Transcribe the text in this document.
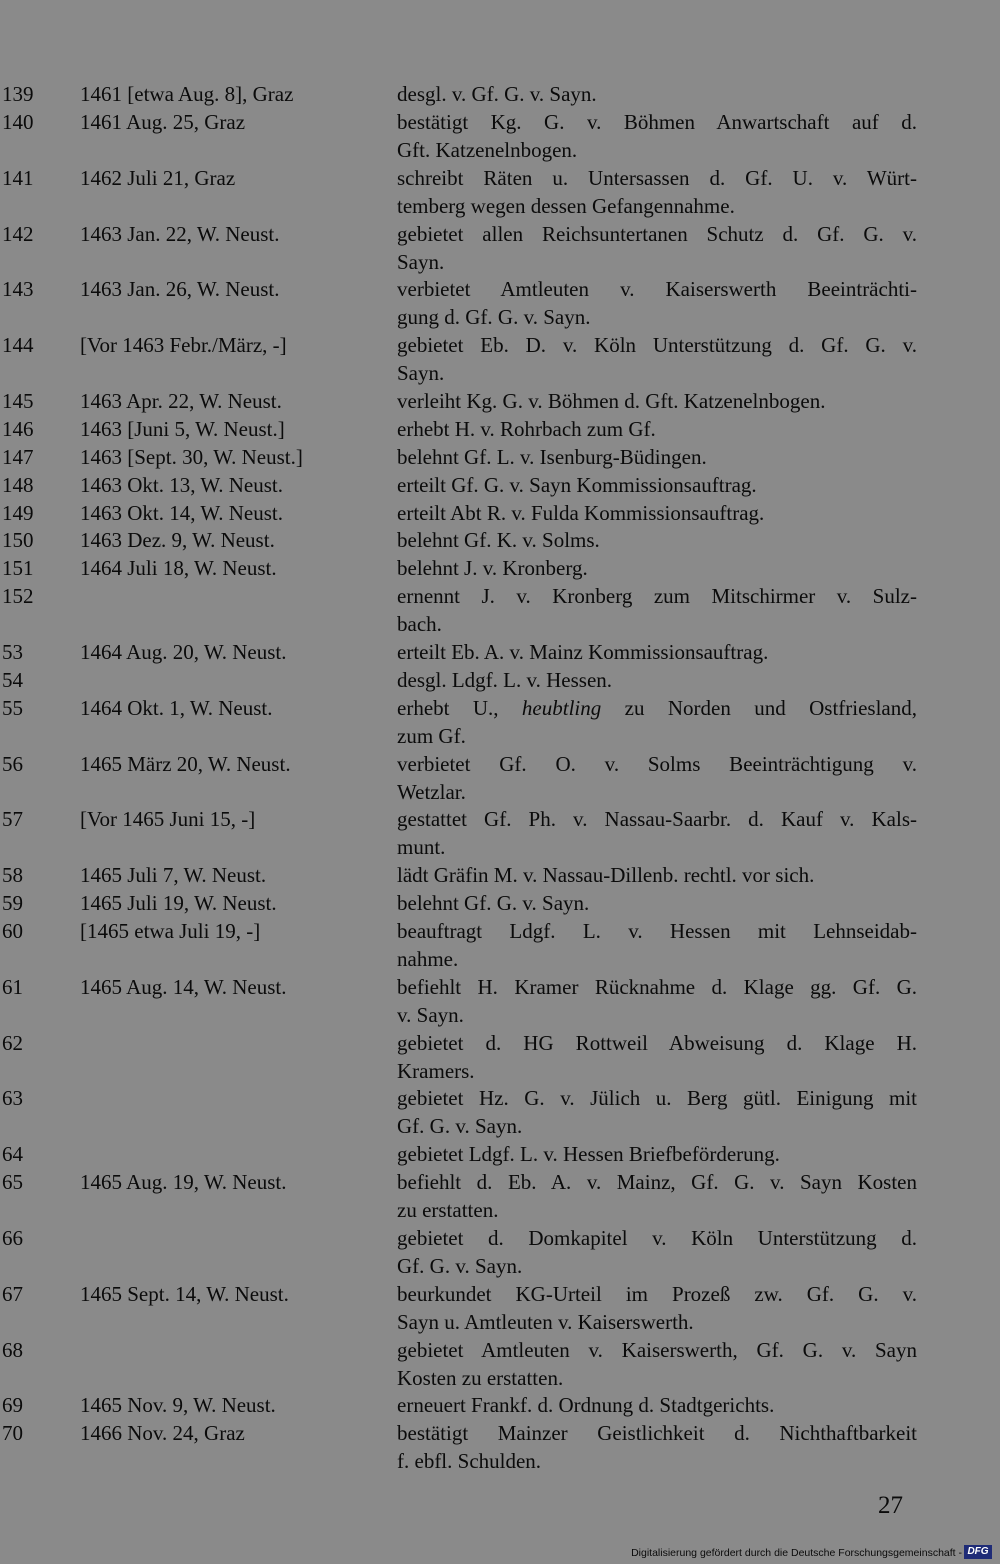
139 1461 [etwa Aug. 8], Graz	desgl. v. Gf. G. v. Sayn.
140 1461 Aug. 25, Graz	bestätigt Kg. G. v. Böhmen Anwartschaft auf d.
Gft. Katzenelnbogen.
141 1462 Juli 21, Graz	schreibt Räten u. Untersassen d. Gf. U. v. Würt-
temberg wegen dessen Gefangennahme.
142 1463 Jan. 22, W. Neust.	gebietet allen Reichsuntertanen Schutz d. Gf. G. v.
Sayn.
143 1463 Jan. 26, W. Neust.	verbietet Amtleuten v. Kaiserswerth Beeinträchti-
gung d. Gf. G. v. Sayn.
144 [Vor 1463 Febr./März, -]	gebietet Eb. D. v. Köln Unterstützung d. Gf. G. v.
Sayn.
145 1463 Apr. 22, W. Neust.	verleiht Kg. G. v. Böhmen d. Gft. Katzenelnbogen.
146 1463 [Juni 5, W. Neust.]	erhebt H. v. Rohrbach zum Gf.
147 1463 [Sept. 30, W. Neust.]	belehnt Gf. L. v. Isenburg-Büdingen.
148 1463 Okt. 13, W. Neust.	erteilt Gf. G. v. Sayn Kommissionsauftrag.
149 1463 Okt. 14, W. Neust.	erteilt Abt R. v. Fulda Kommissionsauftrag.
150 1463 Dez. 9, W. Neust.	belehnt Gf. K. v. Solms.
151 1464 Juli 18, W. Neust.	belehnt J. v. Kronberg.
152	ernennt J. v. Kronberg zum Mitschirmer v. Sulz-
bach.
53	1464 Aug. 20, W. Neust.	erteilt Eb. A. v. Mainz Kommissionsauftrag.
54	desgl. Ldgf. L. v. Hessen.
55	1464 Okt. 1, W. Neust.	erhebt U., heubtling zu Norden und Ostfriesland,
zum Gf.
56	1465 März 20, W. Neust.	verbietet Gf. O. v. Solms Beeinträchtigung v.
Wetzlar.
57	[Vor 1465 Juni 15, -]	gestattet Gf. Ph. v. Nassau-Saarbr. d. Kauf v. Kals-
munt.
58	1465 Juli 7, W. Neust.	lädt Gräfin M. v. Nassau-Dillenb. rechtl. vor sich.
59	1465 Juli 19, W. Neust.	belehnt Gf. G. v. Sayn.
60	[1465 etwa Juli 19, -]	beauftragt Ldgf. L. v. Hessen mit Lehnseidab-
nahme.
61	1465 Aug. 14, W. Neust.	befiehlt H. Kramer Rücknahme d. Klage gg. Gf. G.
v. Sayn.
62	gebietet d. HG Rottweil Abweisung d. Klage H.
Kramers.
63	gebietet Hz. G. v. Jülich u. Berg gütl. Einigung mit
Gf. G. v. Sayn.
64	gebietet Ldgf. L. v. Hessen Briefbeförderung.
65	1465 Aug. 19, W. Neust.	befiehlt d. Eb. A. v. Mainz, Gf. G. v. Sayn Kosten
zu erstatten.
66	gebietet d. Domkapitel v. Köln Unterstützung d.
Gf. G. v. Sayn.
67	1465 Sept. 14, W. Neust.	beurkundet KG-Urteil im Prozeß zw. Gf. G. v.
Sayn u. Amtleuten v. Kaiserswerth.
68	gebietet Amtleuten v. Kaiserswerth, Gf. G. v. Sayn
Kosten zu erstatten.
69	1465 Nov. 9, W. Neust.	erneuert Frankf. d. Ordnung d. Stadtgerichts.
70	1466 Nov. 24, Graz	bestätigt Mainzer Geistlichkeit d. Nichthaftbarkeit
f. ebfl. Schulden.
27
Digitalisierung gefördert durch die Deutsche Forschungsgemeinschaft - DFG
